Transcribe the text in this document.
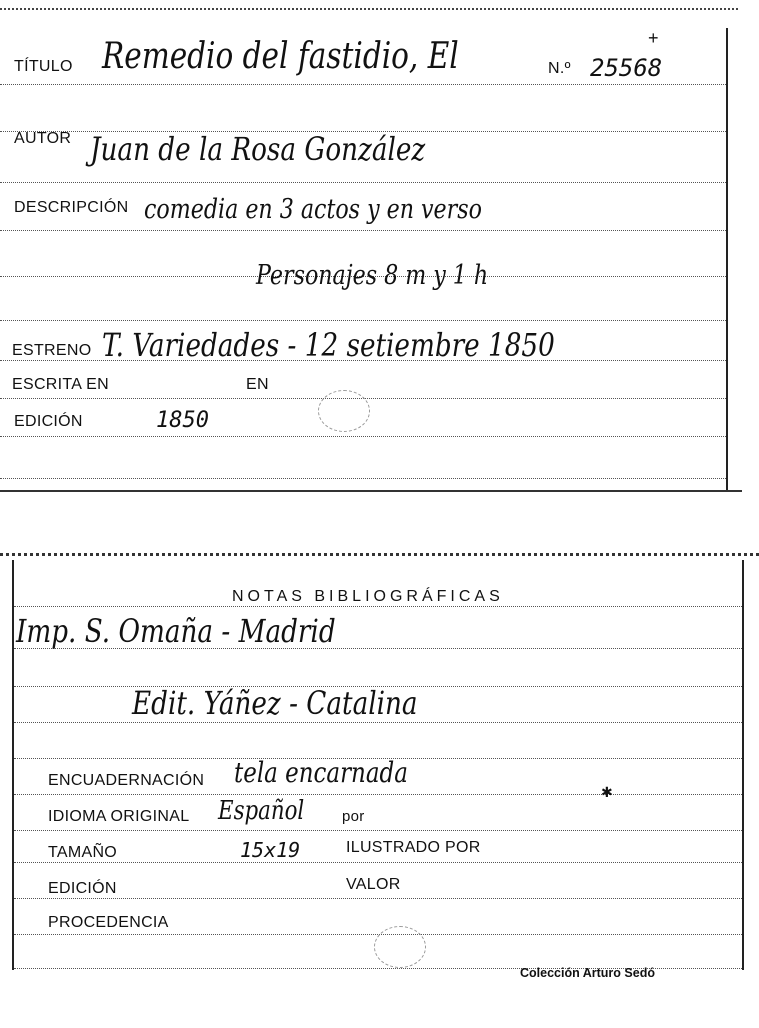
TÍTULO Remedio del fastidio, El	N.º 25568
+
AUTOR Juan de la Rosa González
DESCRIPCIÓN comedia en 3 actos y en verso
Personajes 8 m y 1 h
ESTRENO T. Variedades - 12 setiembre 1850
ESCRITA EN	EN
EDICIÓN	1850
NOTAS BIBLIOGRÁFICAS
Imp. S. Omaña - Madrid
Edit. Yáñez - Catalina
ENCUADERNACIÓN tela encarnada
✱
IDIOMA ORIGINAL Español	por
TAMAÑO	15x19	ILUSTRADO POR
EDICIÓN	VALOR
PROCEDENCIA
Colección Arturo Sedó
